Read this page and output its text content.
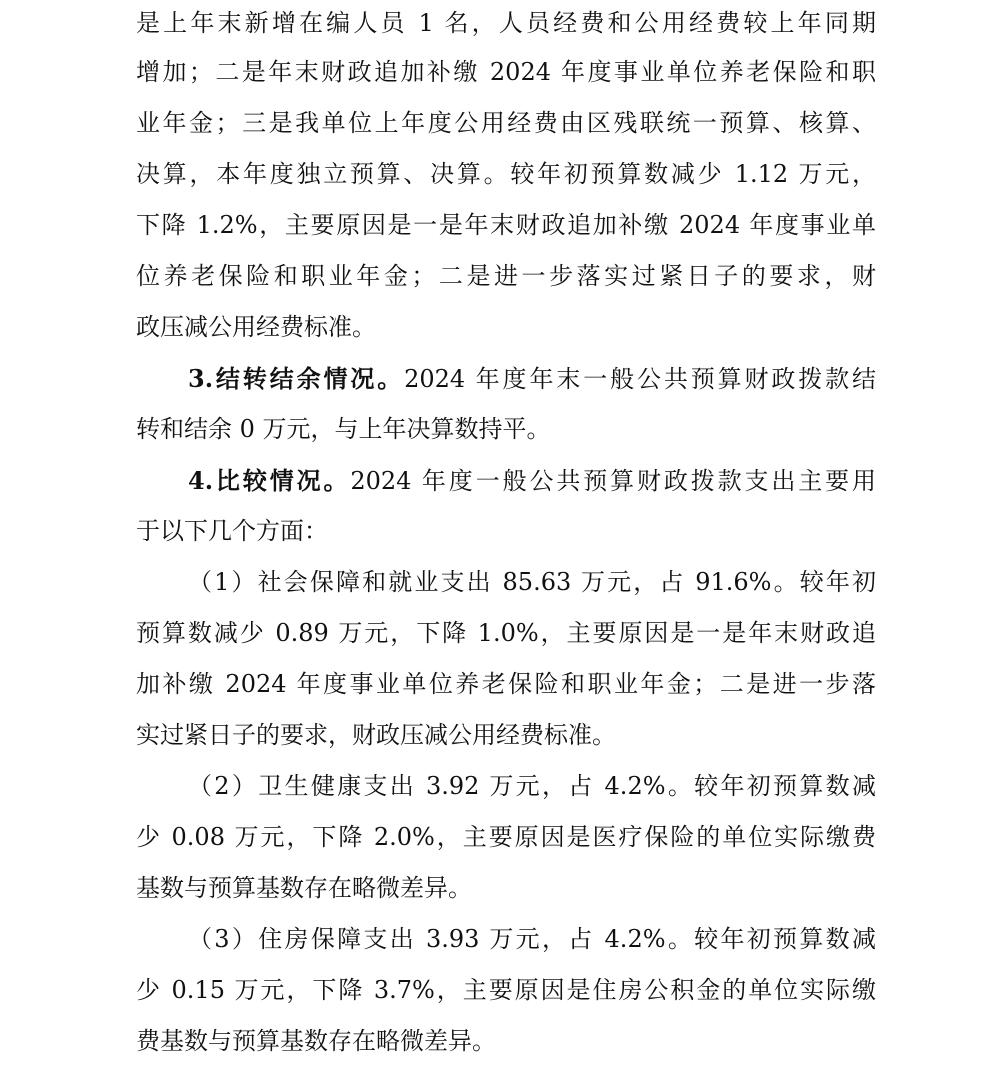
是上年末新增在编人员 1 名，人员经费和公用经费较上年同期
增加；二是年末财政追加补缴 2024 年度事业单位养老保险和职
业年金；三是我单位上年度公用经费由区残联统一预算、核算、
决算，本年度独立预算、决算。较年初预算数减少 1.12 万元，
下降 1.2%，主要原因是一是年末财政追加补缴 2024 年度事业单
位养老保险和职业年金；二是进一步落实过紧日子的要求，财
政压减公用经费标准。
3.结转结余情况。2024 年度年末一般公共预算财政拨款结
转和结余 0 万元，与上年决算数持平。
4.比较情况。2024 年度一般公共预算财政拨款支出主要用
于以下几个方面：
（1）社会保障和就业支出 85.63 万元，占 91.6%。较年初
预算数减少 0.89 万元，下降 1.0%，主要原因是一是年末财政追
加补缴 2024 年度事业单位养老保险和职业年金；二是进一步落
实过紧日子的要求，财政压减公用经费标准。
（2）卫生健康支出 3.92 万元，占 4.2%。较年初预算数减
少 0.08 万元，下降 2.0%，主要原因是医疗保险的单位实际缴费
基数与预算基数存在略微差异。
（3）住房保障支出 3.93 万元，占 4.2%。较年初预算数减
少 0.15 万元，下降 3.7%，主要原因是住房公积金的单位实际缴
费基数与预算基数存在略微差异。
